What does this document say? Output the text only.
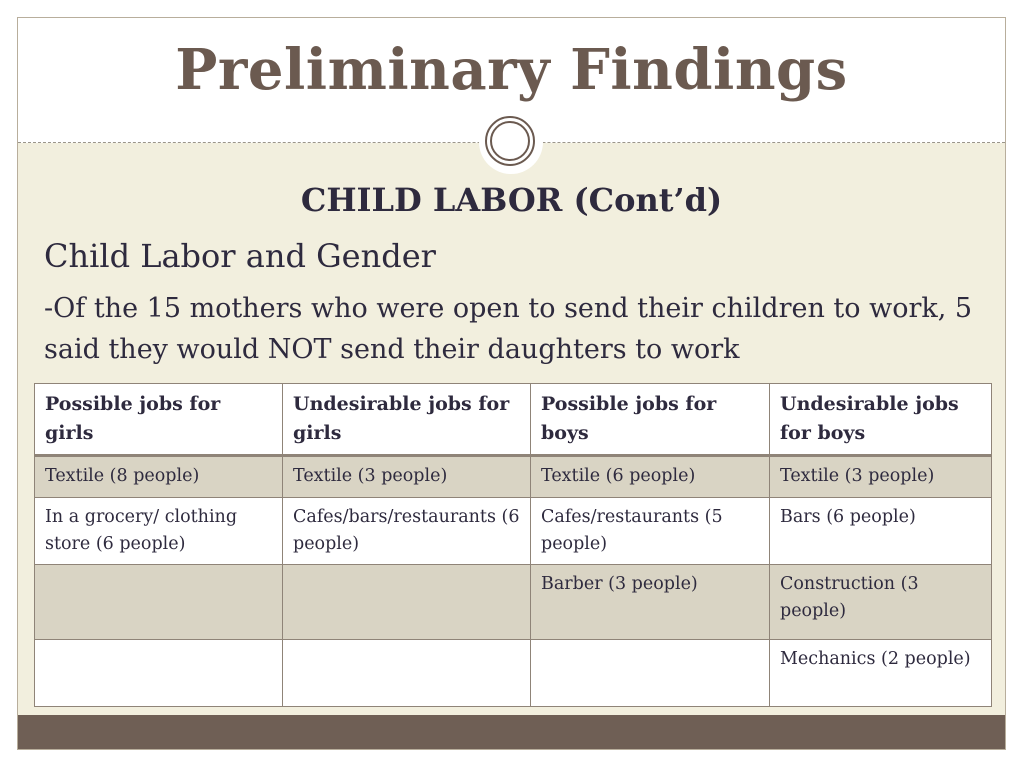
Preliminary Findings
CHILD LABOR (Cont’d)
Child Labor and Gender
-Of the 15 mothers who were open to send their children to work, 5 said they would NOT send their daughters to work
Possible jobs for girls	Undesirable jobs for girls	Possible jobs for boys	Undesirable jobs for boys
Textile (8 people)	Textile (3 people)	Textile (6 people)	Textile (3 people)
In a grocery/ clothing store (6 people)	Cafes/bars/restaurants (6 people)	Cafes/restaurants (5 people)	Bars (6 people)
		Barber (3 people)	Construction (3 people)
			Mechanics (2 people)
